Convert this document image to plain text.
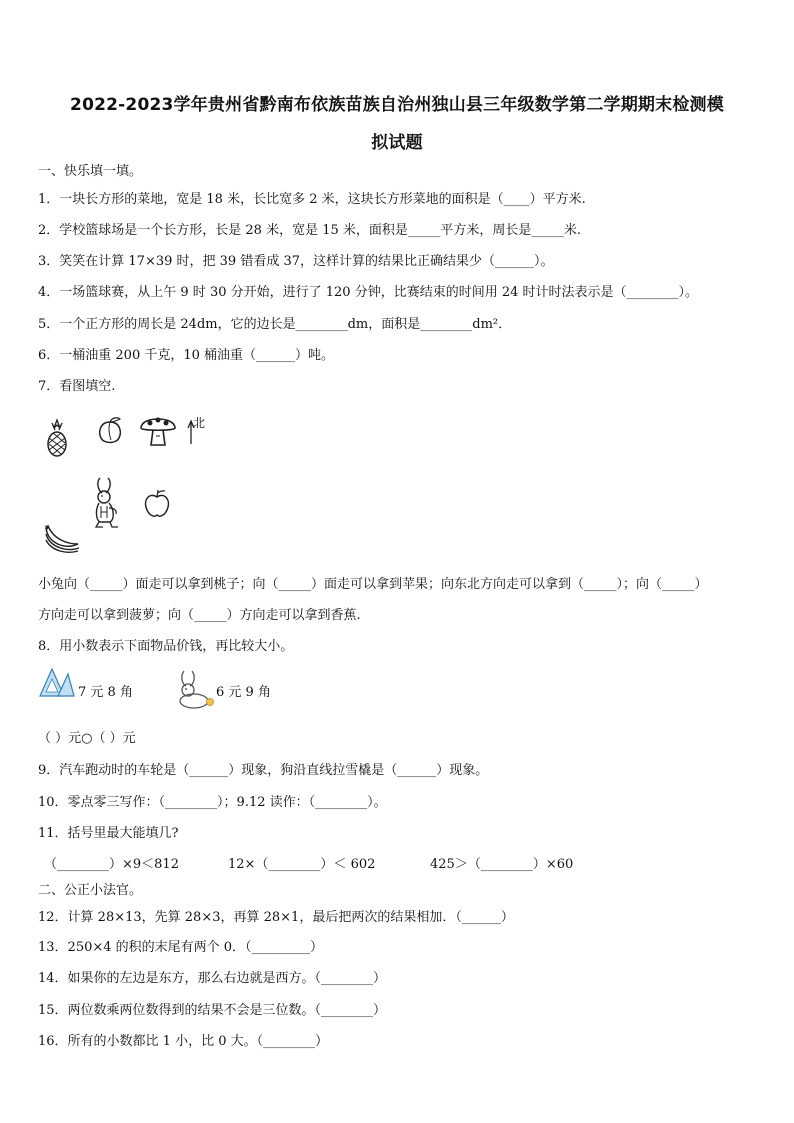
2022-2023学年贵州省黔南布依族苗族自治州独山县三年级数学第二学期期末检测模
拟试题
一、快乐填一填。
1．一块长方形的菜地，宽是 18 米，长比宽多 2 米，这块长方形菜地的面积是（____）平方米.
2．学校篮球场是一个长方形，长是 28 米，宽是 15 米，面积是_____平方米，周长是_____米.
3．笑笑在计算 17×39 时，把 39 错看成 37，这样计算的结果比正确结果少（______）。
4．一场篮球赛，从上午 9 时 30 分开始，进行了 120 分钟，比赛结束的时间用 24 时计时法表示是（________）。
5．一个正方形的周长是 24dm，它的边长是________dm，面积是________dm²．
6．一桶油重 200 千克，10 桶油重（______）吨。
7．看图填空.
北
小兔向（_____）面走可以拿到桃子；向（_____）面走可以拿到苹果；向东北方向走可以拿到（_____）；向（_____）
方向走可以拿到菠萝；向（_____）方向走可以拿到香蕉.
8．用小数表示下面物品价钱，再比较大小。
7 元 8 角	6 元 9 角
（ ）元○（ ）元
9．汽车跑动时的车轮是（______）现象，狗沿直线拉雪橇是（______）现象。
10．零点零三写作：（________）；9.12 读作：（________）。
11．括号里最大能填几?
（________）×9＜812	12×（________）＜ 602	425＞（________）×60
二、公正小法官。
12．计算 28×13，先算 28×3，再算 28×1，最后把两次的结果相加．（______）
13．250×4 的积的末尾有两个 0．（_________）
14．如果你的左边是东方，那么右边就是西方。（________）
15．两位数乘两位数得到的结果不会是三位数。（________）
16．所有的小数都比 1 小，比 0 大。（________）
